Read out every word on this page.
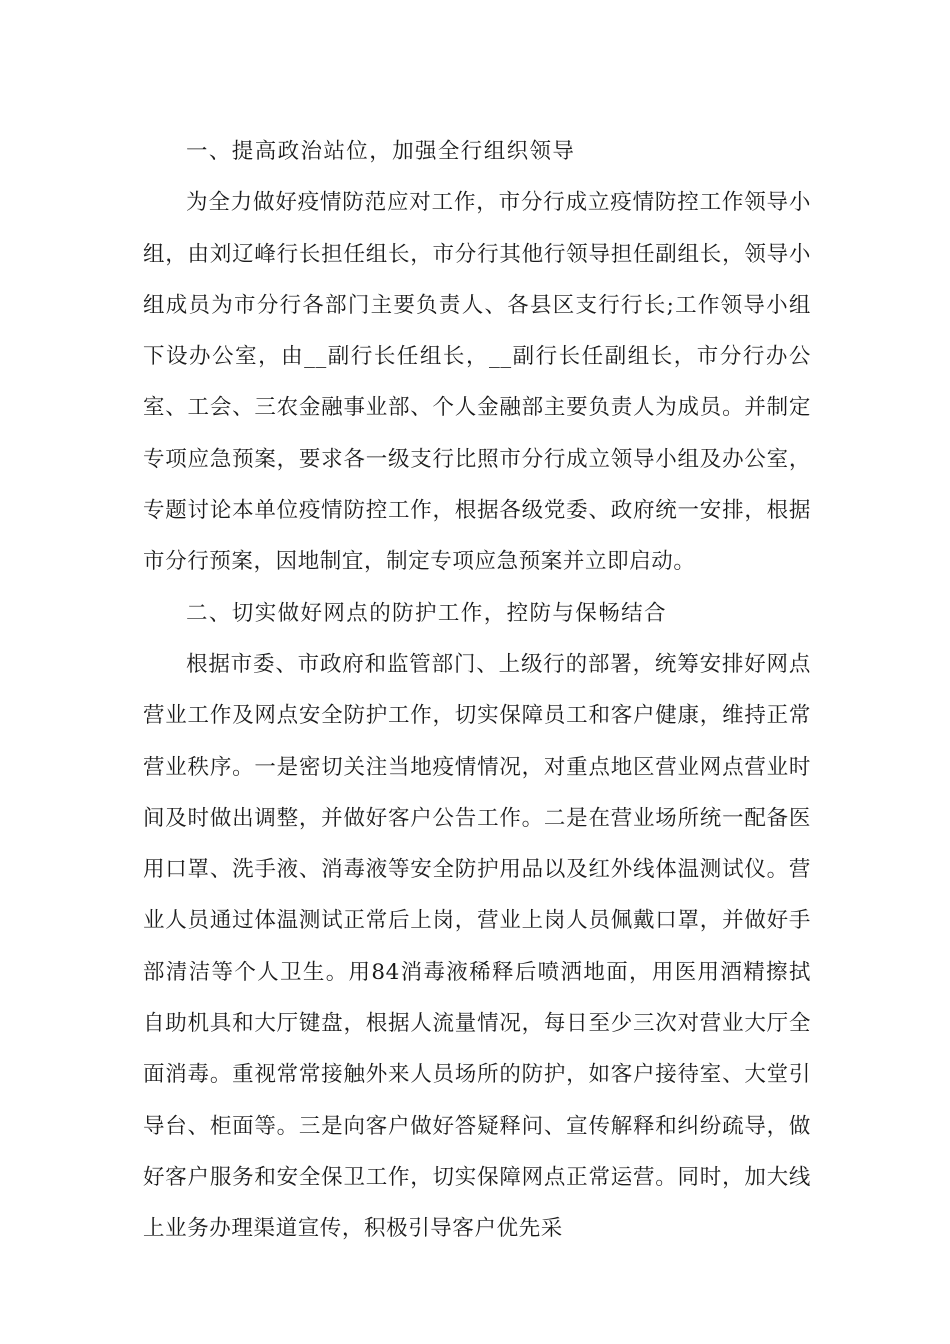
一、提高政治站位，加强全行组织领导

为全力做好疫情防范应对工作，市分行成立疫情防控工作领导小组，由刘辽峰行长担任组长，市分行其他行领导担任副组长，领导小组成员为市分行各部门主要负责人、各县区支行行长;工作领导小组下设办公室，由__副行长任组长，__副行长任副组长，市分行办公室、工会、三农金融事业部、个人金融部主要负责人为成员。并制定专项应急预案，要求各一级支行比照市分行成立领导小组及办公室，专题讨论本单位疫情防控工作，根据各级党委、政府统一安排，根据市分行预案，因地制宜，制定专项应急预案并立即启动。

二、切实做好网点的防护工作，控防与保畅结合

根据市委、市政府和监管部门、上级行的部署，统筹安排好网点营业工作及网点安全防护工作，切实保障员工和客户健康，维持正常营业秩序。一是密切关注当地疫情情况，对重点地区营业网点营业时间及时做出调整，并做好客户公告工作。二是在营业场所统一配备医用口罩、洗手液、消毒液等安全防护用品以及红外线体温测试仪。营业人员通过体温测试正常后上岗，营业上岗人员佩戴口罩，并做好手部清洁等个人卫生。用84消毒液稀释后喷洒地面，用医用酒精擦拭自助机具和大厅键盘，根据人流量情况，每日至少三次对营业大厅全面消毒。重视常常接触外来人员场所的防护，如客户接待室、大堂引导台、柜面等。三是向客户做好答疑释问、宣传解释和纠纷疏导，做好客户服务和安全保卫工作，切实保障网点正常运营。同时，加大线上业务办理渠道宣传，积极引导客户优先采
